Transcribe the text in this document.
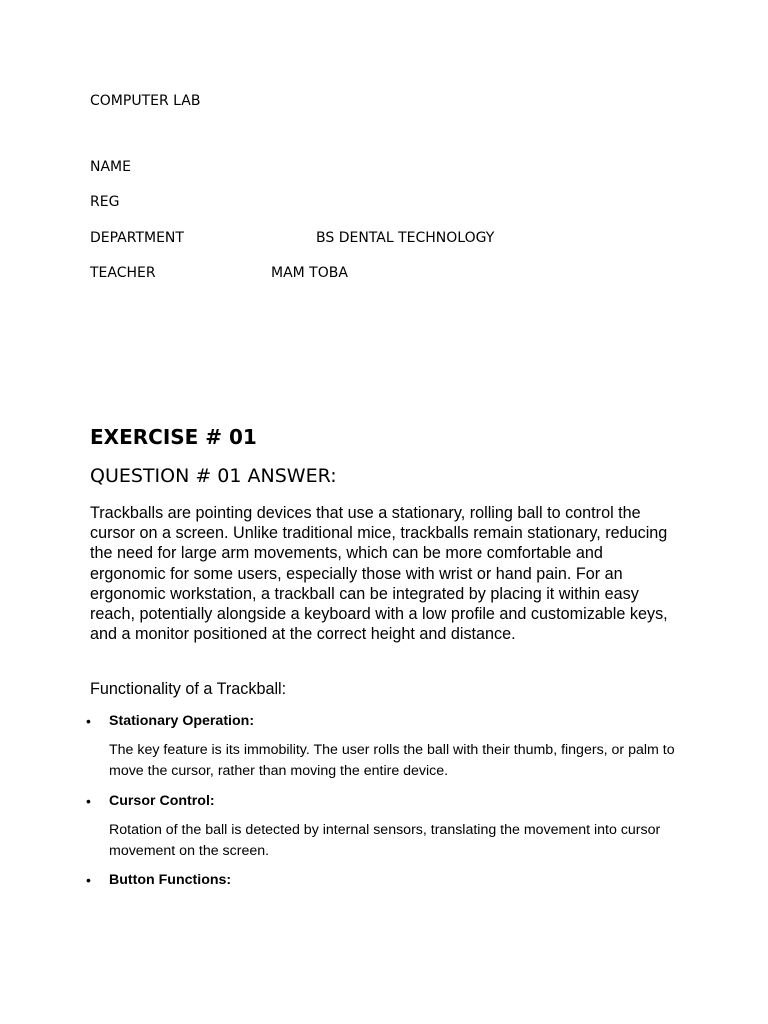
COMPUTER LAB
NAME
REG
DEPARTMENT	BS DENTAL TECHNOLOGY
TEACHER	MAM TOBA
EXERCISE # 01
QUESTION # 01 ANSWER:

Trackballs are pointing devices that use a stationary, rolling ball to control the cursor on a screen. Unlike traditional mice, trackballs remain stationary, reducing the need for large arm movements, which can be more comfortable and ergonomic for some users, especially those with wrist or hand pain. For an ergonomic workstation, a trackball can be integrated by placing it within easy reach, potentially alongside a keyboard with a low profile and customizable keys, and a monitor positioned at the correct height and distance.

Functionality of a Trackball:
• Stationary Operation:

The key feature is its immobility. The user rolls the ball with their thumb, fingers, or palm to move the cursor, rather than moving the entire device.

• Cursor Control:

Rotation of the ball is detected by internal sensors, translating the movement into cursor movement on the screen.

• Button Functions:
